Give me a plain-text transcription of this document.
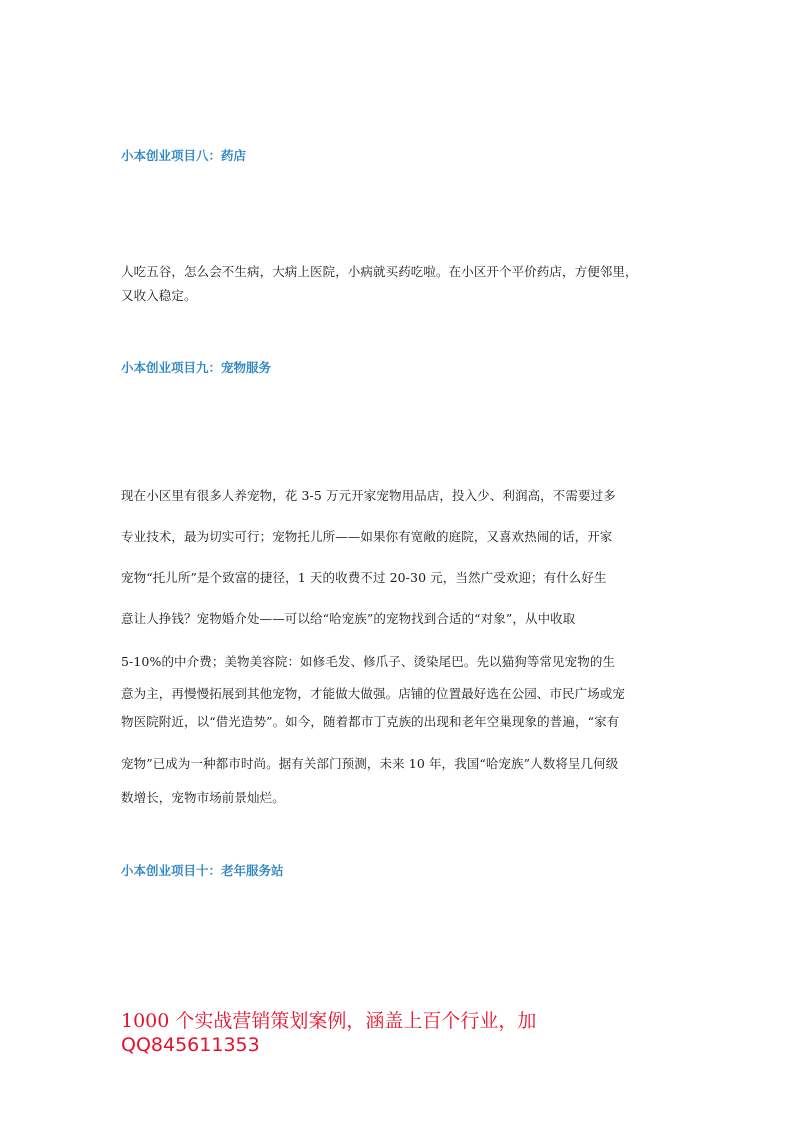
小本创业项目八：药店
人吃五谷，怎么会不生病，大病上医院，小病就买药吃啦。在小区开个平价药店，方便邻里，
又收入稳定。
小本创业项目九：宠物服务
现在小区里有很多人养宠物，花 3-5 万元开家宠物用品店，投入少、利润高，不需要过多
专业技术，最为切实可行；宠物托儿所——如果你有宽敞的庭院，又喜欢热闹的话，开家
宠物“托儿所”是个致富的捷径，1 天的收费不过 20-30 元，当然广受欢迎；有什么好生
意让人挣钱？宠物婚介处——可以给“哈宠族”的宠物找到合适的“对象”，从中收取
5-10%的中介费；美物美容院：如修毛发、修爪子、烫染尾巴。先以猫狗等常见宠物的生
意为主，再慢慢拓展到其他宠物，才能做大做强。店铺的位置最好选在公园、市民广场或宠
物医院附近，以“借光造势”。如今，随着都市丁克族的出现和老年空巢现象的普遍，“家有
宠物”已成为一种都市时尚。据有关部门预测，未来 10 年，我国“哈宠族”人数将呈几何级
数增长，宠物市场前景灿烂。
小本创业项目十：老年服务站
1000 个实战营销策划案例，涵盖上百个行业，加
QQ845611353
